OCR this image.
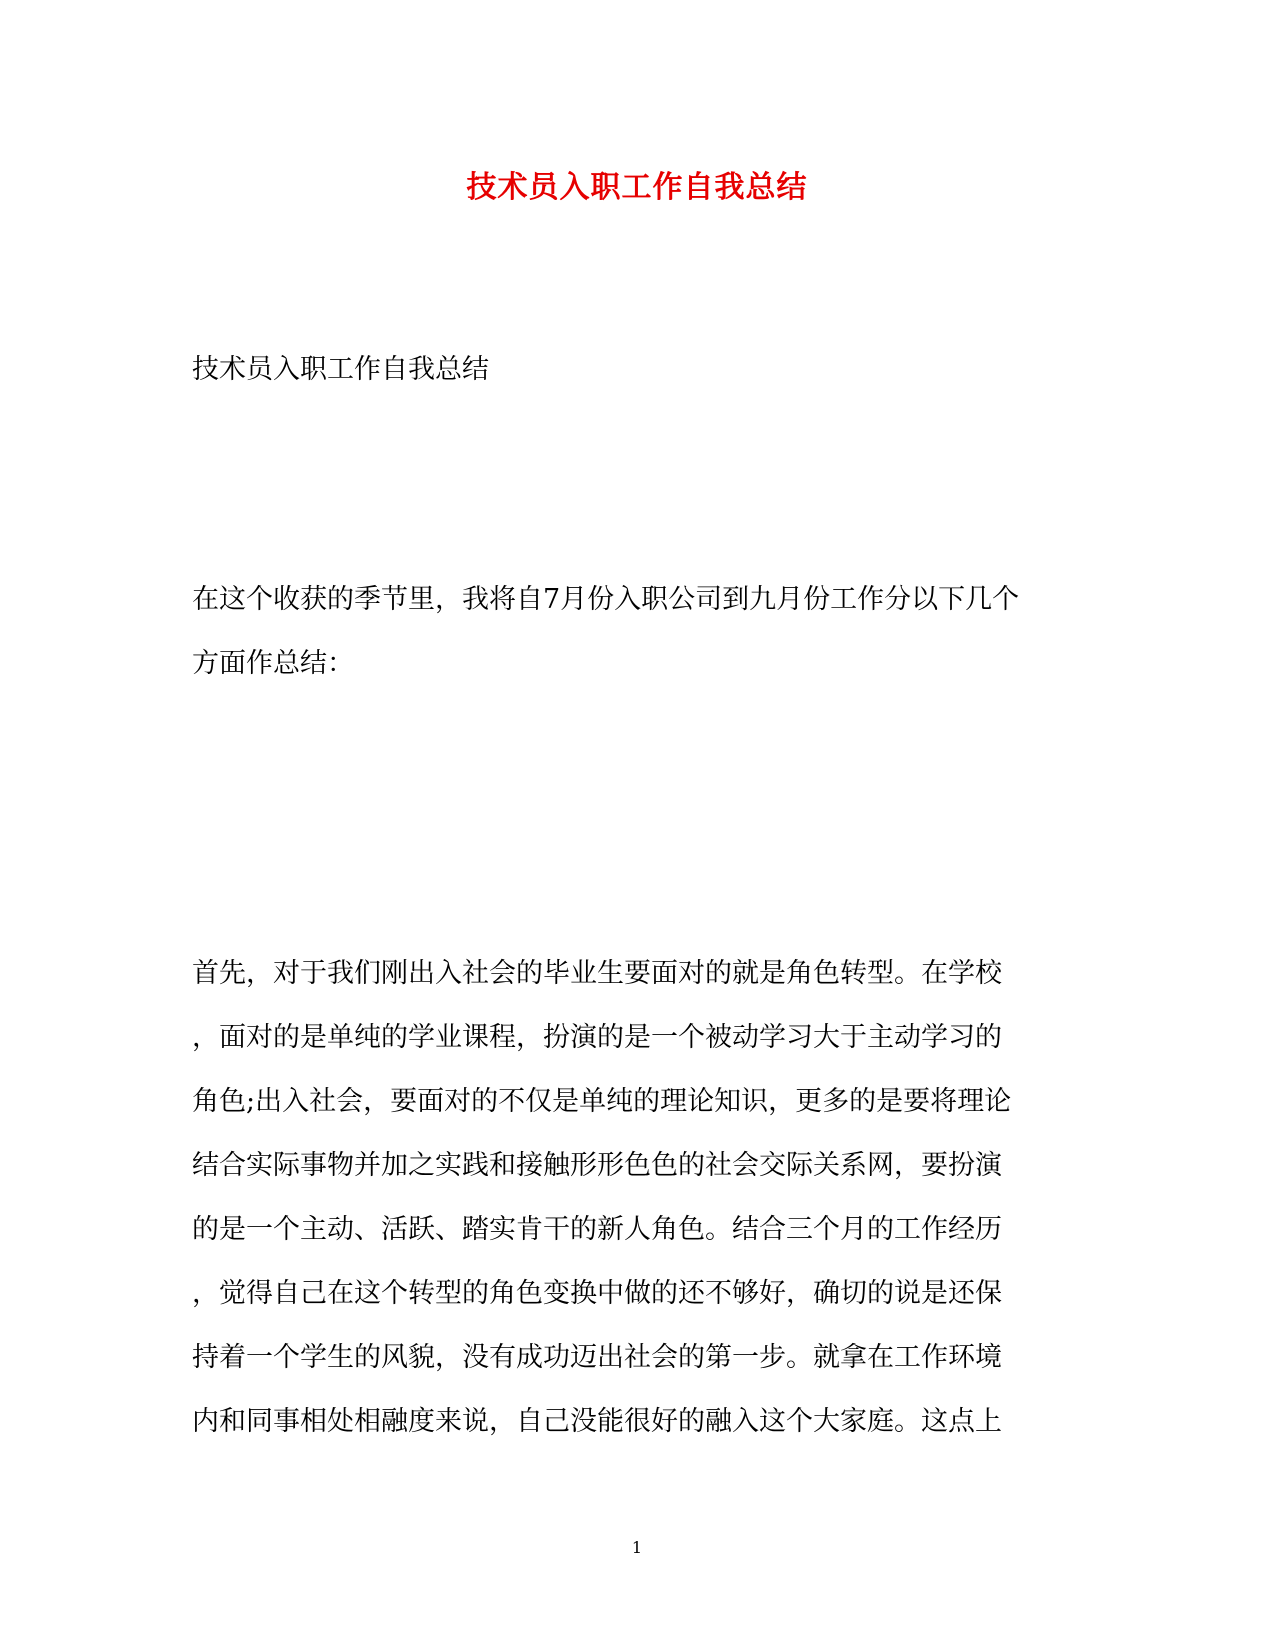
技术员入职工作自我总结
技术员入职工作自我总结
在这个收获的季节里，我将自7月份入职公司到九月份工作分以下几个
方面作总结：
首先，对于我们刚出入社会的毕业生要面对的就是角色转型。在学校
，面对的是单纯的学业课程，扮演的是一个被动学习大于主动学习的
角色;出入社会，要面对的不仅是单纯的理论知识，更多的是要将理论
结合实际事物并加之实践和接触形形色色的社会交际关系网，要扮演
的是一个主动、活跃、踏实肯干的新人角色。结合三个月的工作经历
，觉得自己在这个转型的角色变换中做的还不够好，确切的说是还保
持着一个学生的风貌，没有成功迈出社会的第一步。就拿在工作环境
内和同事相处相融度来说，自己没能很好的融入这个大家庭。这点上
1
